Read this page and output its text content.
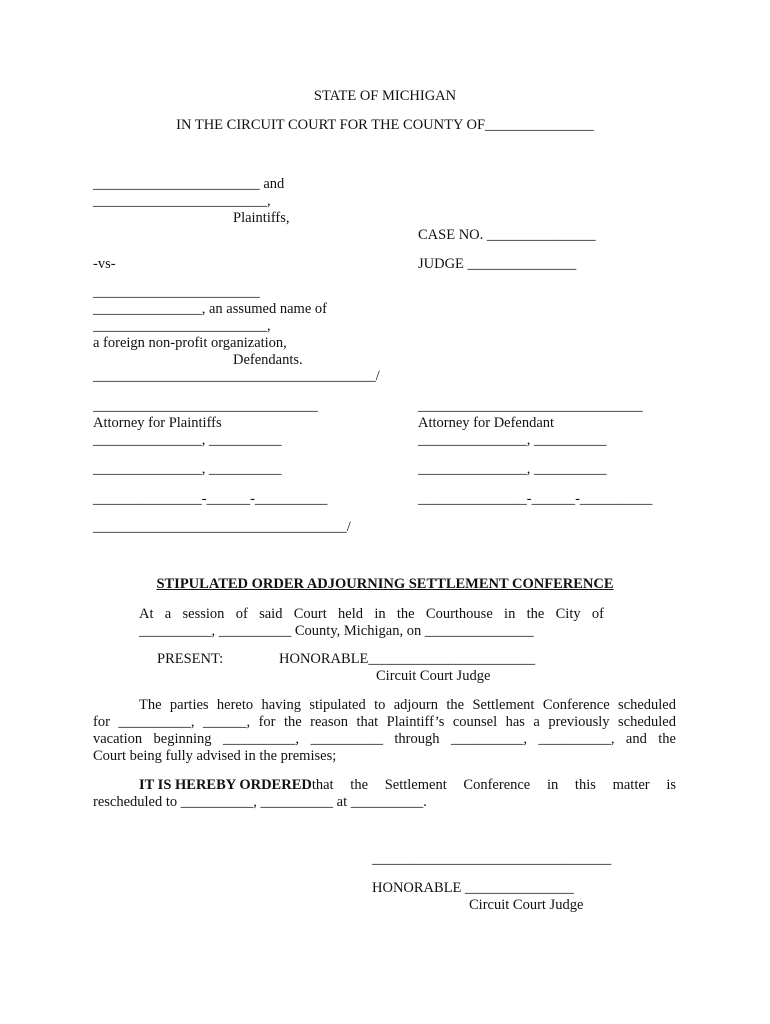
STATE OF MICHIGAN
IN THE CIRCUIT COURT FOR THE COUNTY OF_______________
_______________________ and
________________________,
Plaintiffs,
CASE NO. _______________
-vs-	JUDGE _______________
_______________________
_______________, an assumed name of
________________________,
a foreign non-profit organization,
Defendants.
_______________________________________/
_______________________________
Attorney for Plaintiffs
_______________, __________
_______________, __________
_______________-______-__________
_______________________________
Attorney for Defendant
_______________, __________
_______________, __________
_______________-______-__________
___________________________________/
STIPULATED ORDER ADJOURNING SETTLEMENT CONFERENCE
At a session of said Court held in the Courthouse in the City of
__________, __________ County, Michigan, on _______________
PRESENT:	HONORABLE_______________________
Circuit Court Judge
The parties hereto having stipulated to adjourn the Settlement Conference scheduled
for __________, ______, for the reason that Plaintiff’s counsel has a previously scheduled
vacation beginning __________, __________ through __________, __________, and the
Court being fully advised in the premises;
IT IS HEREBY ORDERED that the Settlement Conference in this matter is
rescheduled to __________, __________ at __________.
_________________________________
HONORABLE _______________
Circuit Court Judge
